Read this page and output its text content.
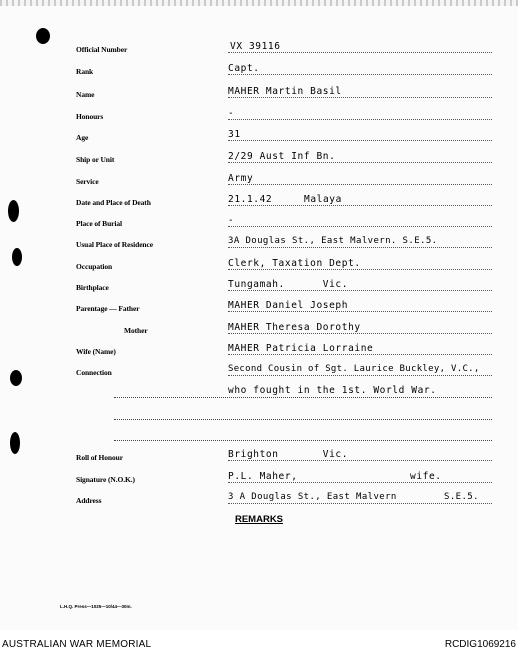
Official Number	VX 39116
Rank	Capt.
Name	MAHER Martin Basil
Honours	-
Age	31
Ship or Unit	2/29 Aust Inf Bn.
Service	Army
Date and Place of Death	21.1.42	Malaya
Place of Burial	-
Usual Place of Residence	3A Douglas St., East Malvern. S.E.5.
Occupation	Clerk, Taxation Dept.
Birthplace	Tungamah.      Vic.
Parentage — Father	MAHER Daniel Joseph
Mother	MAHER Theresa Dorothy
Wife (Name)	MAHER Patricia Lorraine
Connection	Second Cousin of Sgt. Laurice Buckley, V.C.,
who fought in the 1st. World War.
Roll of Honour	Brighton       Vic.
Signature (N.O.K.)	P.L. Maher,	wife.
Address	3 A Douglas St., East Malvern	S.E.5.
REMARKS
L.H.Q. Press—1025—10/44—30m.
AUSTRALIAN WAR MEMORIAL	RCDIG1069216
